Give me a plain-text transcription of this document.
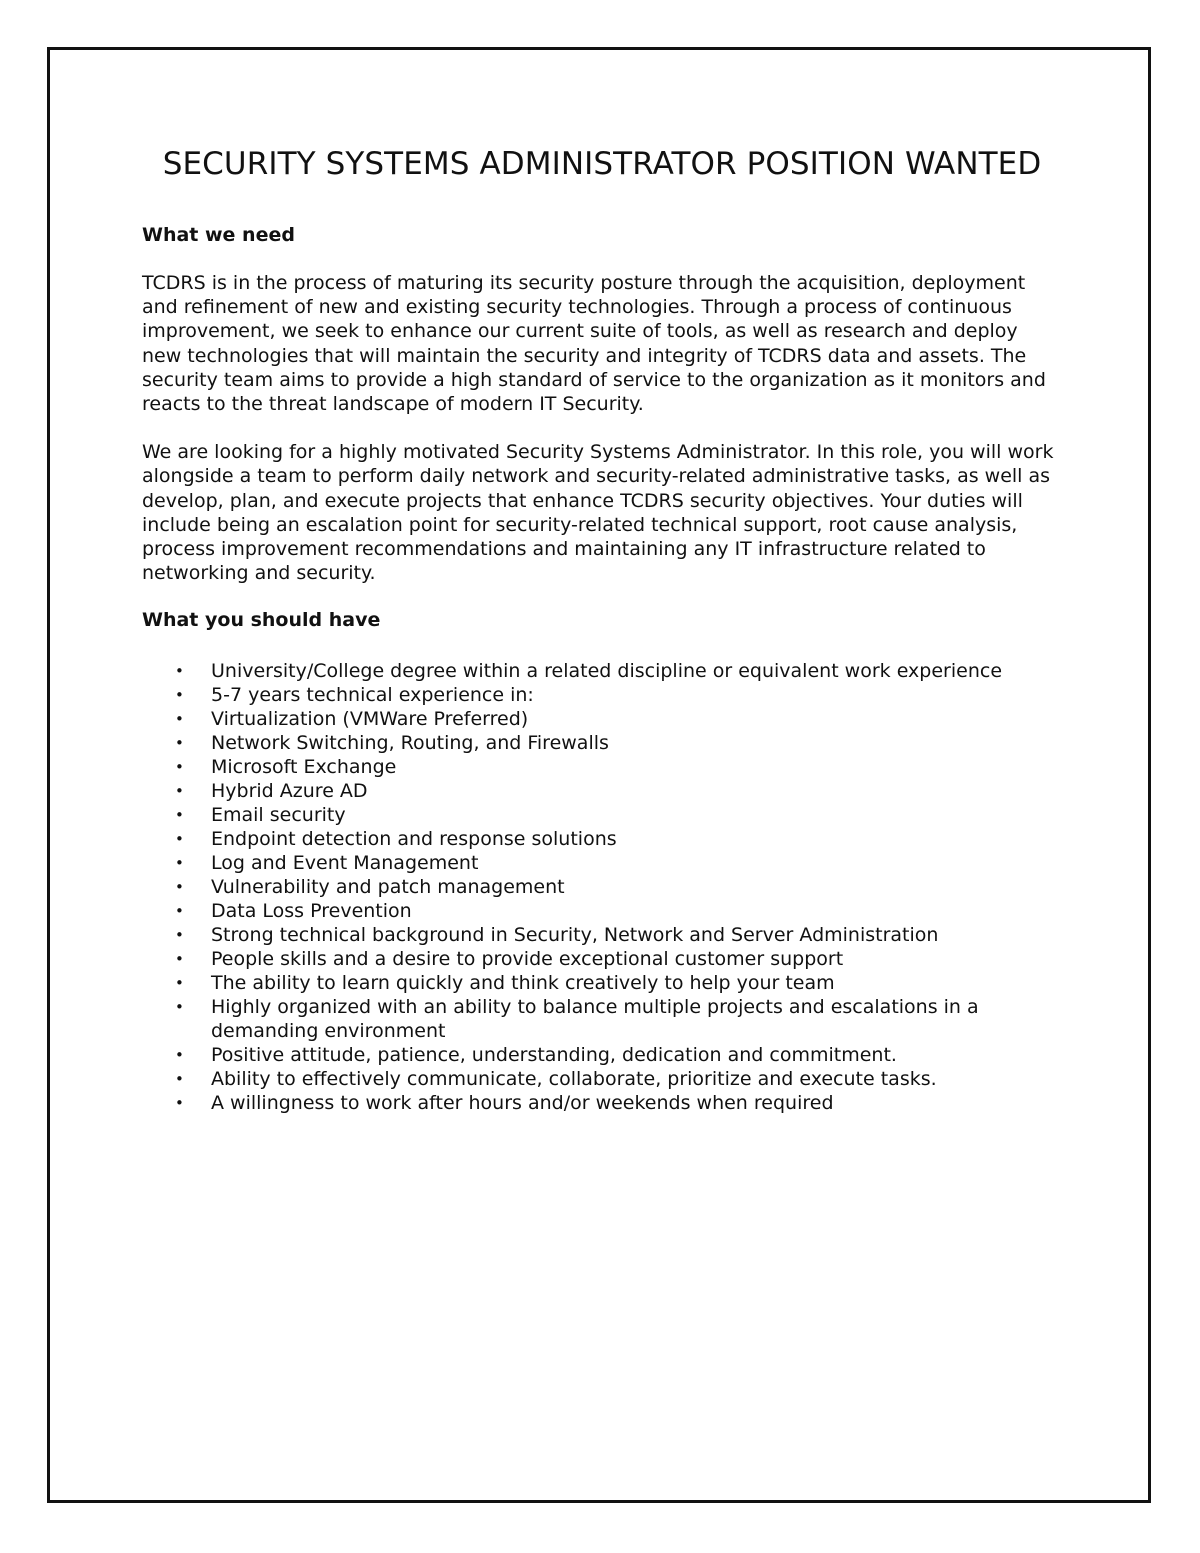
SECURITY SYSTEMS ADMINISTRATOR POSITION WANTED
What we need

TCDRS is in the process of maturing its security posture through the acquisition, deployment and refinement of new and existing security technologies. Through a process of continuous improvement, we seek to enhance our current suite of tools, as well as research and deploy new technologies that will maintain the security and integrity of TCDRS data and assets. The security team aims to provide a high standard of service to the organization as it monitors and reacts to the threat landscape of modern IT Security.

We are looking for a highly motivated Security Systems Administrator. In this role, you will work alongside a team to perform daily network and security-related administrative tasks, as well as develop, plan, and execute projects that enhance TCDRS security objectives. Your duties will include being an escalation point for security-related technical support, root cause analysis, process improvement recommendations and maintaining any IT infrastructure related to networking and security.

What you should have
• University/College degree within a related discipline or equivalent work experience
• 5-7 years technical experience in:
• Virtualization (VMWare Preferred)
• Network Switching, Routing, and Firewalls
• Microsoft Exchange
• Hybrid Azure AD
• Email security
• Endpoint detection and response solutions
• Log and Event Management
• Vulnerability and patch management
• Data Loss Prevention
• Strong technical background in Security, Network and Server Administration
• People skills and a desire to provide exceptional customer support
• The ability to learn quickly and think creatively to help your team
• Highly organized with an ability to balance multiple projects and escalations in a demanding environment
• Positive attitude, patience, understanding, dedication and commitment.
• Ability to effectively communicate, collaborate, prioritize and execute tasks.
• A willingness to work after hours and/or weekends when required
